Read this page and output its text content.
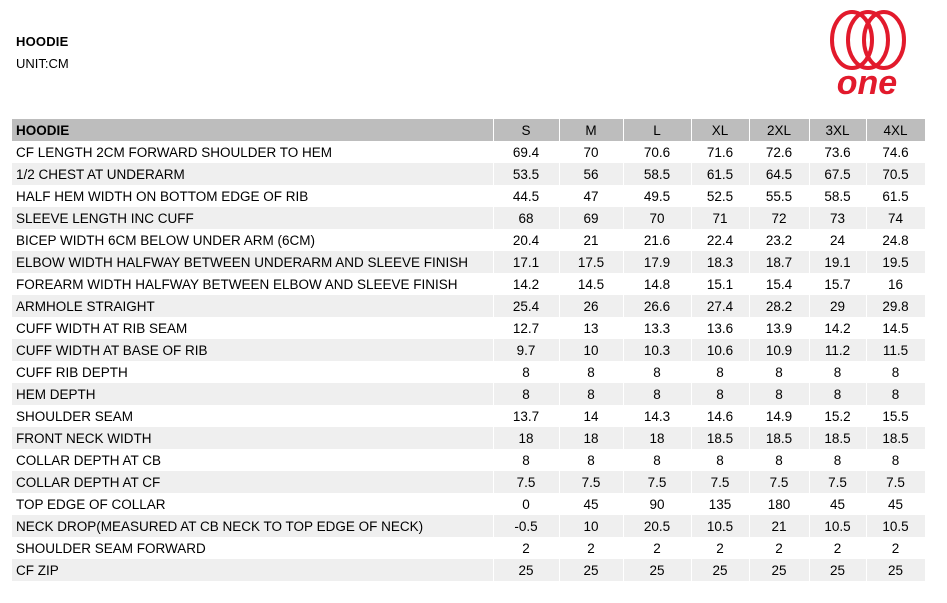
HOODIE
UNIT:CM
one
HOODIE	S	M	L	XL	2XL	3XL	4XL
CF LENGTH 2CM FORWARD SHOULDER TO HEM	69.4	70	70.6	71.6	72.6	73.6	74.6
1/2 CHEST AT UNDERARM	53.5	56	58.5	61.5	64.5	67.5	70.5
HALF HEM WIDTH ON BOTTOM EDGE OF RIB	44.5	47	49.5	52.5	55.5	58.5	61.5
SLEEVE LENGTH INC CUFF	68	69	70	71	72	73	74
BICEP WIDTH 6CM BELOW UNDER ARM (6CM)	20.4	21	21.6	22.4	23.2	24	24.8
ELBOW WIDTH HALFWAY BETWEEN UNDERARM AND SLEEVE FINISH	17.1	17.5	17.9	18.3	18.7	19.1	19.5
FOREARM WIDTH HALFWAY BETWEEN ELBOW AND SLEEVE FINISH	14.2	14.5	14.8	15.1	15.4	15.7	16
ARMHOLE STRAIGHT	25.4	26	26.6	27.4	28.2	29	29.8
CUFF WIDTH AT RIB SEAM	12.7	13	13.3	13.6	13.9	14.2	14.5
CUFF WIDTH AT BASE OF RIB	9.7	10	10.3	10.6	10.9	11.2	11.5
CUFF RIB DEPTH	8	8	8	8	8	8	8
HEM DEPTH	8	8	8	8	8	8	8
SHOULDER SEAM	13.7	14	14.3	14.6	14.9	15.2	15.5
FRONT NECK WIDTH	18	18	18	18.5	18.5	18.5	18.5
COLLAR DEPTH AT CB	8	8	8	8	8	8	8
COLLAR DEPTH AT CF	7.5	7.5	7.5	7.5	7.5	7.5	7.5
TOP EDGE OF COLLAR	0	45	90	135	180	45	45
NECK DROP(MEASURED AT CB NECK TO TOP EDGE OF NECK)	-0.5	10	20.5	10.5	21	10.5	10.5
SHOULDER SEAM FORWARD	2	2	2	2	2	2	2
CF ZIP	25	25	25	25	25	25	25
